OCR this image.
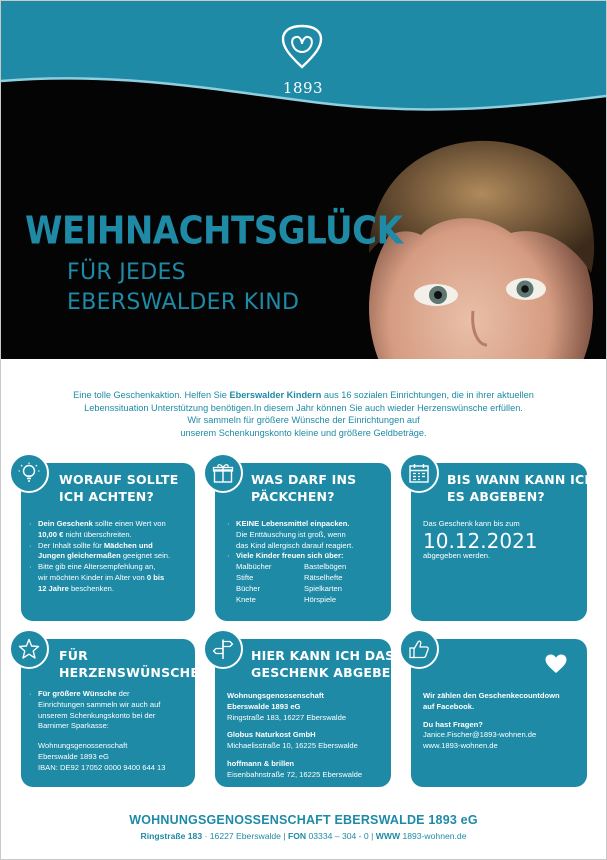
1893
WEIHNACHTSGLÜCK
FÜR JEDES
EBERSWALDER KIND
Eine tolle Geschenkaktion. Helfen Sie Eberswalder Kindern aus 16 sozialen Einrichtungen, die in ihrer aktuellen
Lebenssituation Unterstützung benötigen.In diesem Jahr können Sie auch wieder Herzenswünsche erfüllen.
Wir sammeln für größere Wünsche der Einrichtungen auf
unserem Schenkungskonto kleine und größere Geldbeträge.
WORAUF SOLLTE
ICH ACHTEN?
· Dein Geschenk sollte einen Wert von
10,00 € nicht überschreiten.
· Der Inhalt sollte für Mädchen und
Jungen gleichermaßen geeignet sein.
· Bitte gib eine Altersempfehlung an,
wir möchten Kinder im Alter von 0 bis
12 Jahre beschenken.
WAS DARF INS
PÄCKCHEN?
· KEINE Lebensmittel einpacken.
Die Enttäuschung ist groß, wenn
das Kind allergisch darauf reagiert.
· Viele Kinder freuen sich über:
Malbücher	Bastelbögen
Stifte	Rätselhefte
Bücher	Spielkarten
Knete	Hörspiele
BIS WANN KANN ICH
ES ABGEBEN?
Das Geschenk kann bis zum
10.12.2021
abgegeben werden.
FÜR
HERZENSWÜNSCHE
· Für größere Wünsche der
Einrichtungen sammeln wir auch auf
unserem Schenkungskonto bei der
Barnimer Sparkasse:
Wohnungsgenossenschaft
Eberswalde 1893 eG
IBAN: DE92 17052 0000 9400 644 13
HIER KANN ICH DAS
GESCHENK ABGEBEN:
Wohnungsgenossenschaft
Eberswalde 1893 eG
Ringstraße 183, 16227 Eberswalde
Globus Naturkost GmbH
Michaelisstraße 10, 16225 Eberswalde
hoffmann & brillen
Eisenbahnstraße 72, 16225 Eberswalde
Wir zählen den Geschenkecountdown
auf Facebook.
Du hast Fragen?
Janice.Fischer@1893-wohnen.de
www.1893-wohnen.de
WOHNUNGSGENOSSENSCHAFT EBERSWALDE 1893 eG
Ringstraße 183 · 16227 Eberswalde | FON 03334 – 304 - 0 | WWW 1893-wohnen.de
